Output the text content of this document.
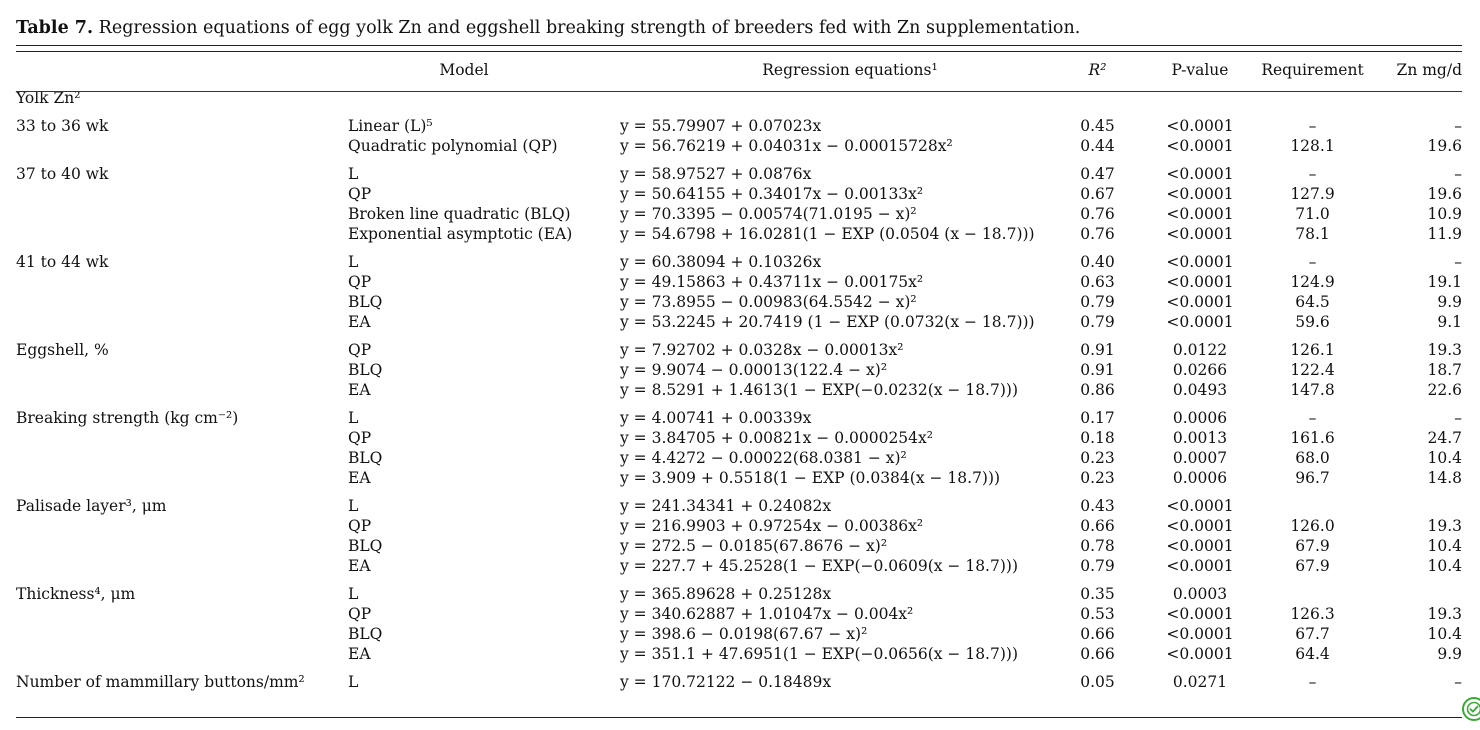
Table 7. Regression equations of egg yolk Zn and eggshell breaking strength of breeders fed with Zn supplementation.
	Model	Regression equations¹	R²	P-value	Requirement	Zn mg/d
Yolk Zn²						
33 to 36 wk	Linear (L)⁵	y = 55.79907 + 0.07023x	0.45	<0.0001	–	–
	Quadratic polynomial (QP)	y = 56.76219 + 0.04031x − 0.00015728x²	0.44	<0.0001	128.1	19.6
37 to 40 wk	L	y = 58.97527 + 0.0876x	0.47	<0.0001	–	–
	QP	y = 50.64155 + 0.34017x − 0.00133x²	0.67	<0.0001	127.9	19.6
	Broken line quadratic (BLQ)	y = 70.3395 − 0.00574(71.0195 − x)²	0.76	<0.0001	71.0	10.9
	Exponential asymptotic (EA)	y = 54.6798 + 16.0281(1 − EXP (0.0504 (x − 18.7)))	0.76	<0.0001	78.1	11.9
41 to 44 wk	L	y = 60.38094 + 0.10326x	0.40	<0.0001	–	–
	QP	y = 49.15863 + 0.43711x − 0.00175x²	0.63	<0.0001	124.9	19.1
	BLQ	y = 73.8955 − 0.00983(64.5542 − x)²	0.79	<0.0001	64.5	9.9
	EA	y = 53.2245 + 20.7419 (1 − EXP (0.0732(x − 18.7)))	0.79	<0.0001	59.6	9.1
Eggshell, %	QP	y = 7.92702 + 0.0328x − 0.00013x²	0.91	0.0122	126.1	19.3
	BLQ	y = 9.9074 − 0.00013(122.4 − x)²	0.91	0.0266	122.4	18.7
	EA	y = 8.5291 + 1.4613(1 − EXP(−0.0232(x − 18.7)))	0.86	0.0493	147.8	22.6
Breaking strength (kg cm⁻²)	L	y = 4.00741 + 0.00339x	0.17	0.0006	–	–
	QP	y = 3.84705 + 0.00821x − 0.0000254x²	0.18	0.0013	161.6	24.7
	BLQ	y = 4.4272 − 0.00022(68.0381 − x)²	0.23	0.0007	68.0	10.4
	EA	y = 3.909 + 0.5518(1 − EXP (0.0384(x − 18.7)))	0.23	0.0006	96.7	14.8
Palisade layer³, μm	L	y = 241.34341 + 0.24082x	0.43	<0.0001		
	QP	y = 216.9903 + 0.97254x − 0.00386x²	0.66	<0.0001	126.0	19.3
	BLQ	y = 272.5 − 0.0185(67.8676 − x)²	0.78	<0.0001	67.9	10.4
	EA	y = 227.7 + 45.2528(1 − EXP(−0.0609(x − 18.7)))	0.79	<0.0001	67.9	10.4
Thickness⁴, μm	L	y = 365.89628 + 0.25128x	0.35	0.0003		
	QP	y = 340.62887 + 1.01047x − 0.004x²	0.53	<0.0001	126.3	19.3
	BLQ	y = 398.6 − 0.0198(67.67 − x)²	0.66	<0.0001	67.7	10.4
	EA	y = 351.1 + 47.6951(1 − EXP(−0.0656(x − 18.7)))	0.66	<0.0001	64.4	9.9
Number of mammillary buttons/mm²	L	y = 170.72122 − 0.18489x	0.05	0.0271	–	–
